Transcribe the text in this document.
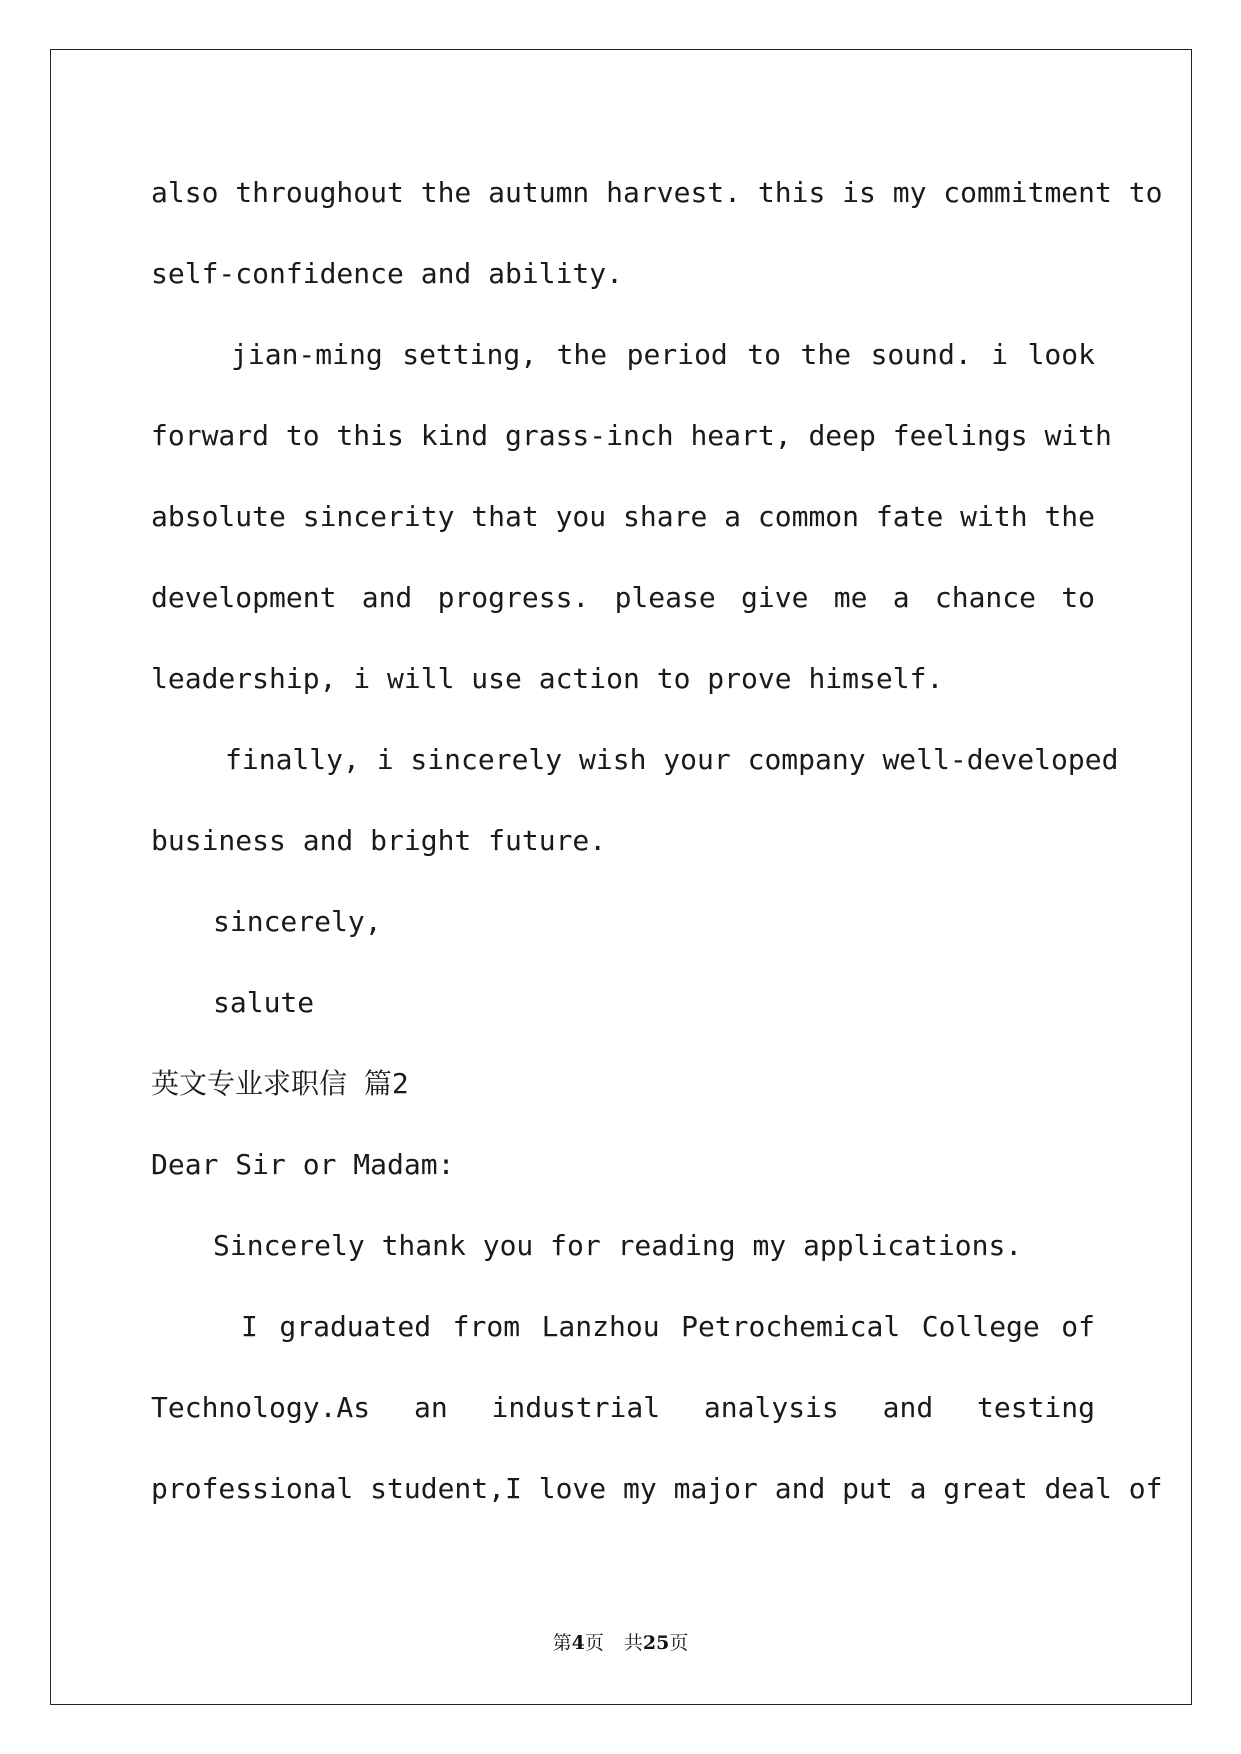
also throughout the autumn harvest. this is my commitment to
self-confidence and ability.
jian-ming setting, the period to the sound. i look
forward to this kind grass-inch heart, deep feelings with
absolute sincerity that you share a common fate with the
development and progress. please give me a chance to
leadership, i will use action to prove himself.
finally, i sincerely wish your company well-developed
business and bright future.
sincerely,
salute
英文专业求职信 篇2
Dear Sir or Madam:
Sincerely thank you for reading my applications.
I graduated from Lanzhou Petrochemical College of
Technology.As an industrial analysis and testing
professional student,I love my major and put a great deal of
第4页 共25页
